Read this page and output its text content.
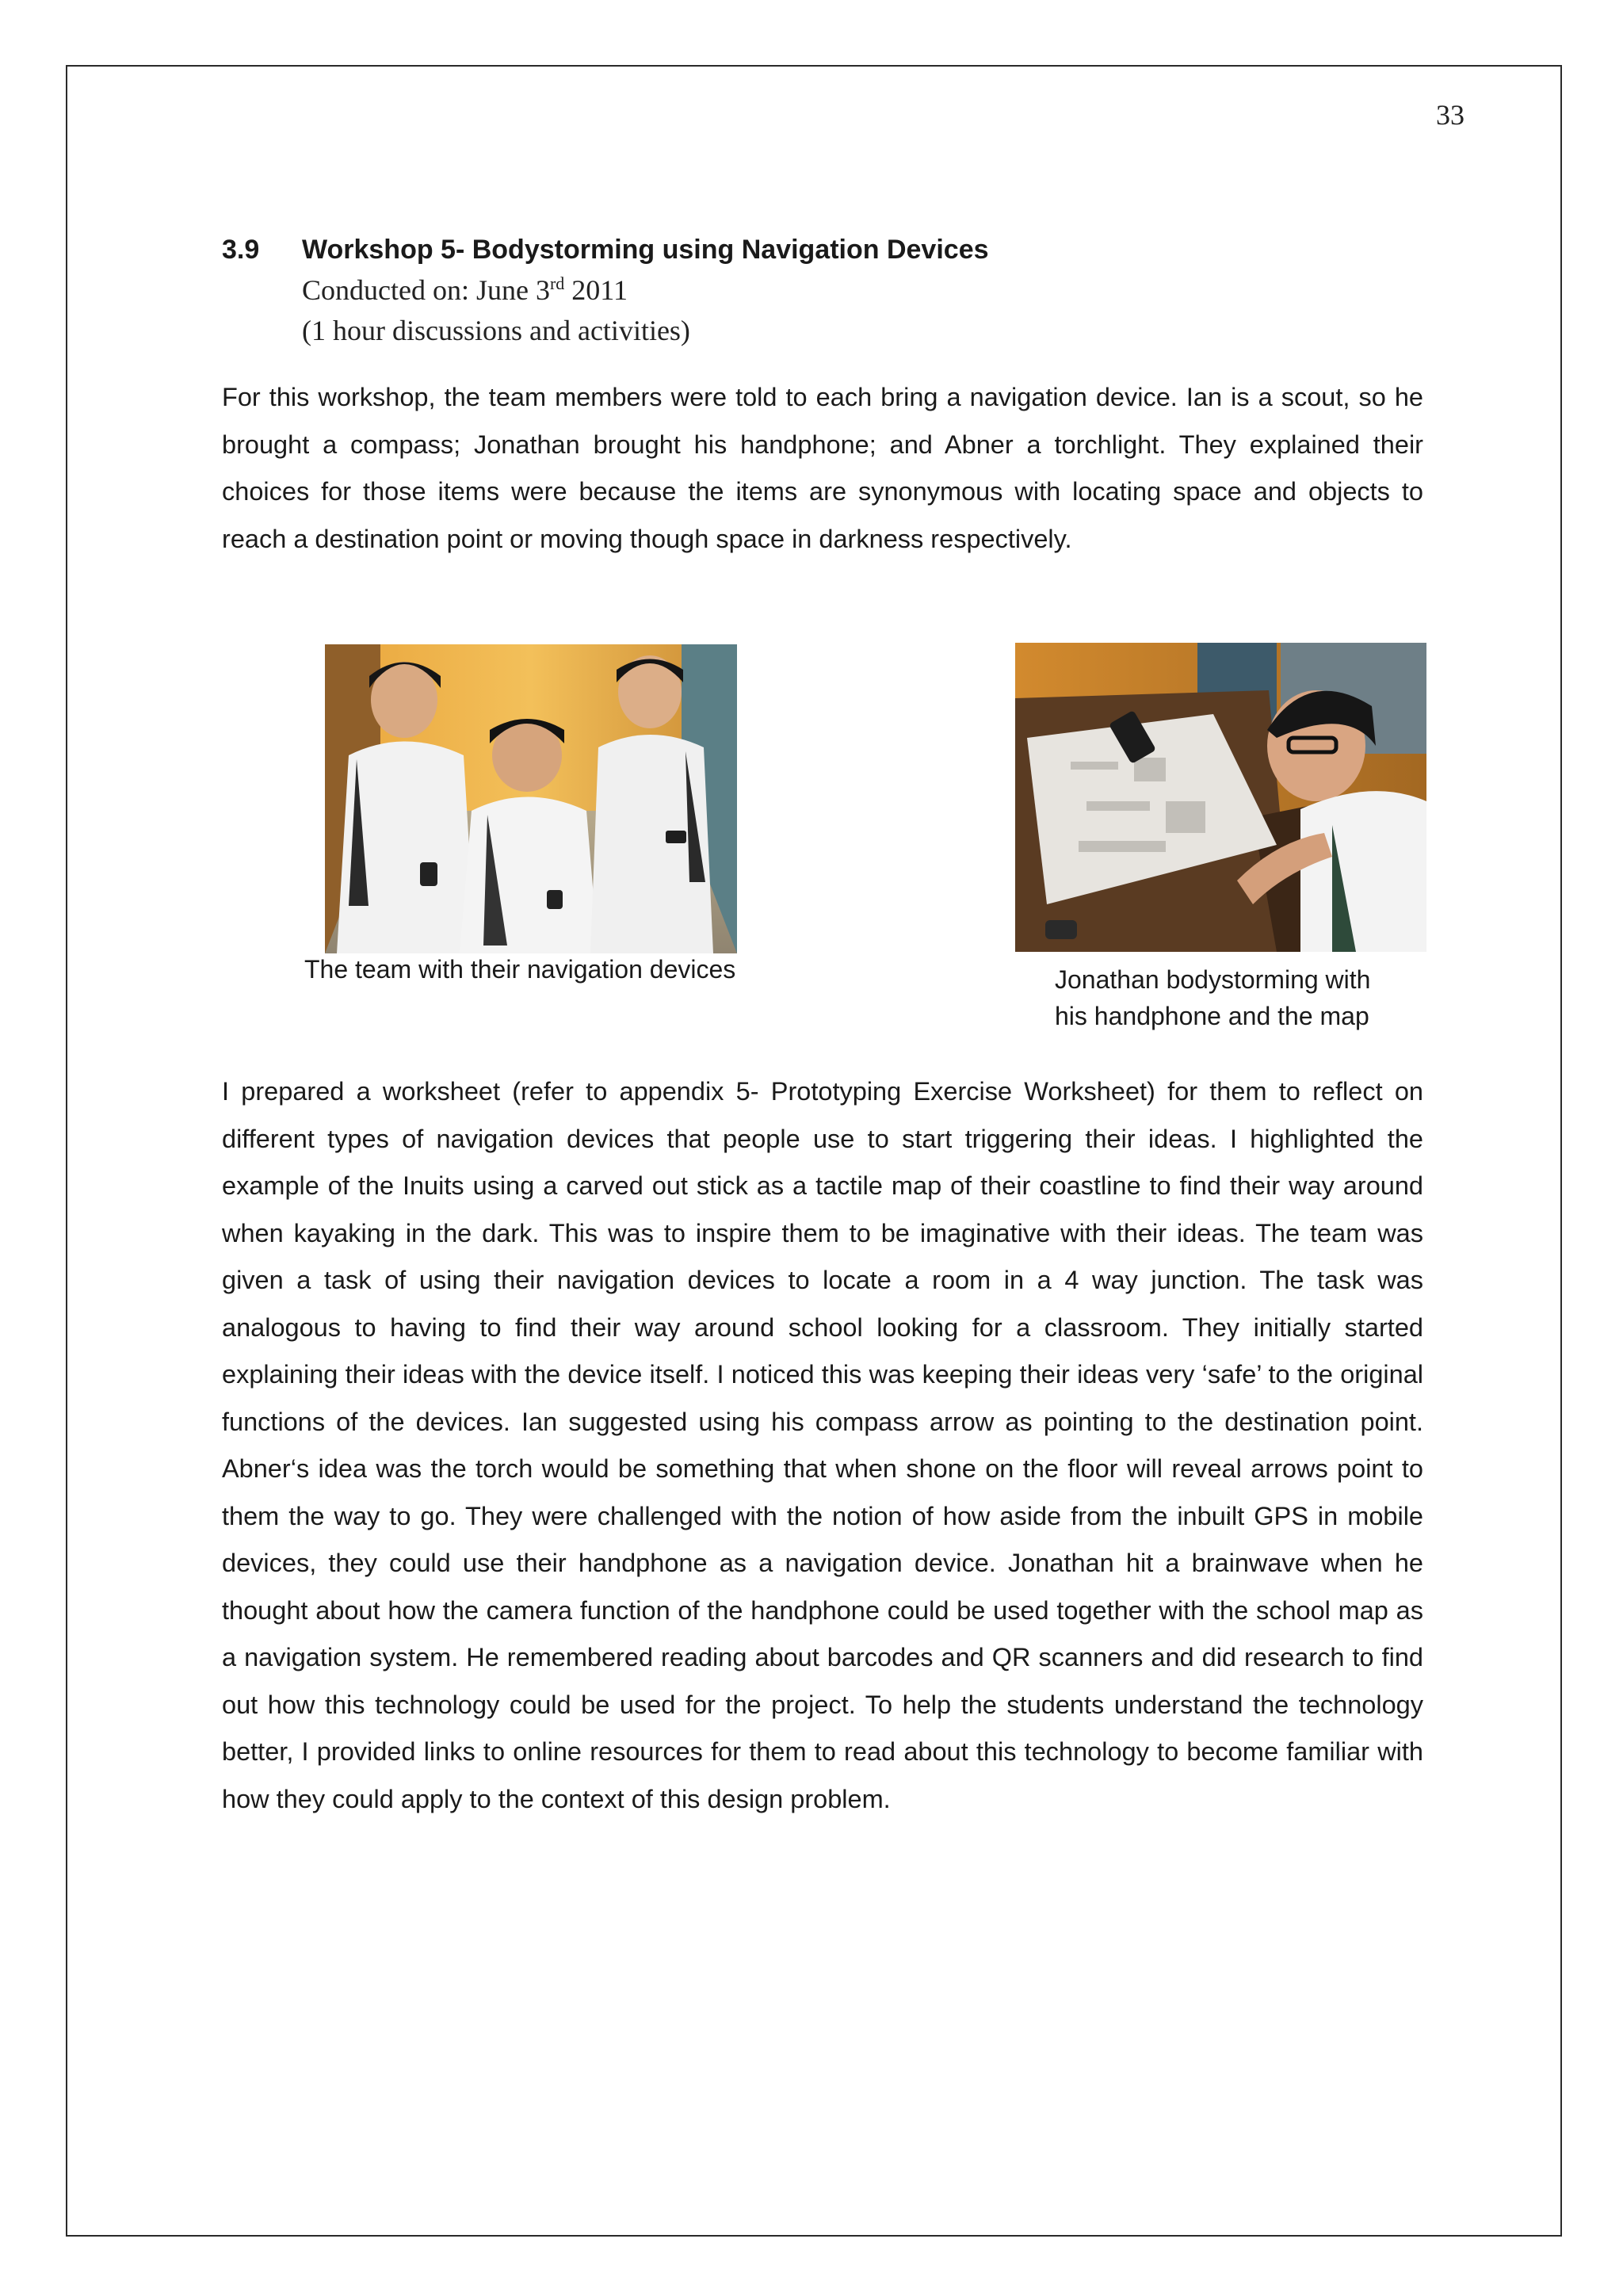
33
3.9 Workshop 5- Bodystorming using Navigation Devices
Conducted on: June 3rd 2011
(1 hour discussions and activities)

For this workshop, the team members were told to each bring a navigation device. Ian is a scout, so he brought a compass; Jonathan brought his handphone; and Abner a torchlight. They explained their choices for those items were because the items are synonymous with locating space and objects to reach a destination point or moving though space in darkness respectively.

The team with their navigation devices	Jonathan bodystorming with
his handphone and the map

I prepared a worksheet (refer to appendix 5- Prototyping Exercise Worksheet) for them to reflect on different types of navigation devices that people use to start triggering their ideas. I highlighted the example of the Inuits using a carved out stick as a tactile map of their coastline to find their way around when kayaking in the dark. This was to inspire them to be imaginative with their ideas. The team was given a task of using their navigation devices to locate a room in a 4 way junction. The task was analogous to having to find their way around school looking for a classroom. They initially started explaining their ideas with the device itself. I noticed this was keeping their ideas very ‘safe’ to the original functions of the devices. Ian suggested using his compass arrow as pointing to the destination point. Abner‘s idea was the torch would be something that when shone on the floor will reveal arrows point to them the way to go. They were challenged with the notion of how aside from the inbuilt GPS in mobile devices, they could use their handphone as a navigation device. Jonathan hit a brainwave when he thought about how the camera function of the handphone could be used together with the school map as a navigation system. He remembered reading about barcodes and QR scanners and did research to find out how this technology could be used for the project. To help the students understand the technology better, I provided links to online resources for them to read about this technology to become familiar with how they could apply to the context of this design problem.
